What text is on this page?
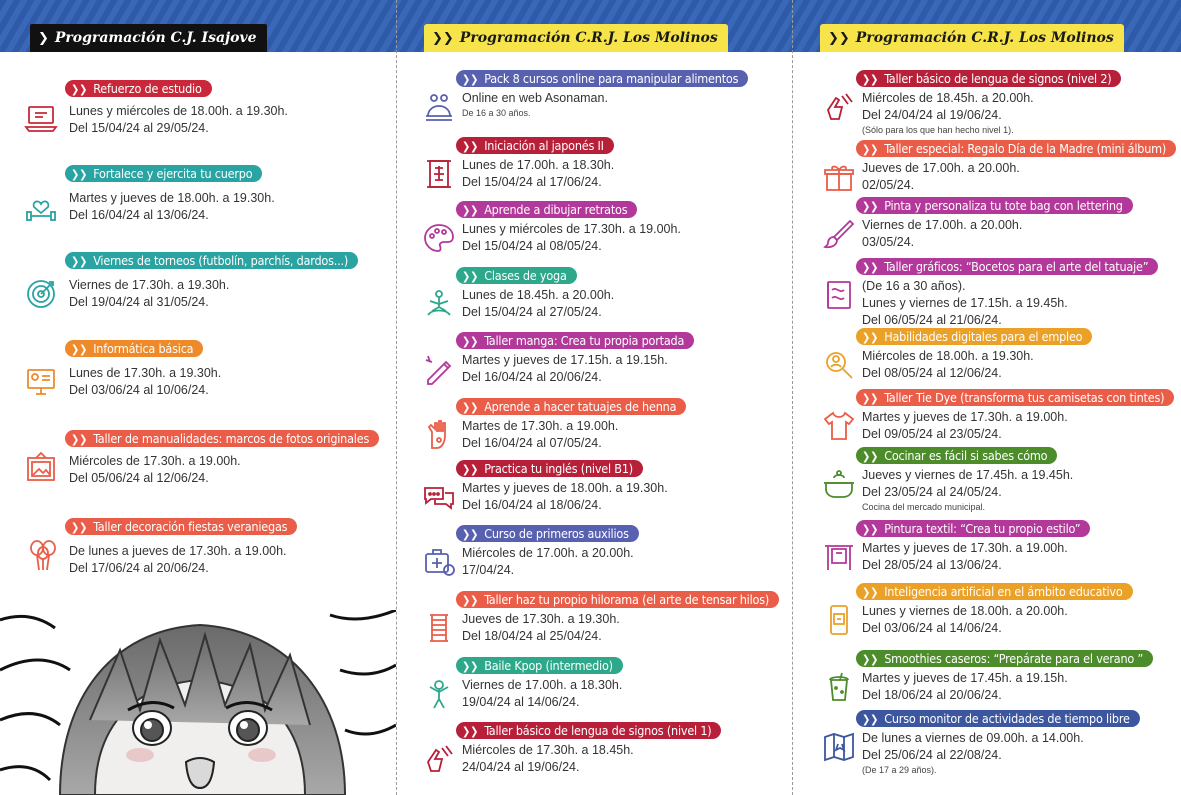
❯ Programación C.J. Isajove
❯❯ Refuerzo de estudio
Lunes y miércoles de 18.00h. a 19.30h.
Del 15/04/24 al 29/05/24.
❯❯ Fortalece y ejercita tu cuerpo
Martes y jueves de 18.00h. a 19.30h.
Del 16/04/24 al 13/06/24.
❯❯ Viernes de torneos (futbolín, parchís, dardos...)
Viernes de 17.30h. a 19.30h.
Del 19/04/24 al 31/05/24.
❯❯ Informática básica
Lunes de 17.30h. a 19.30h.
Del 03/06/24 al 10/06/24.
❯❯ Taller de manualidades: marcos de fotos originales
Miércoles de 17.30h. a 19.00h.
Del 05/06/24 al 12/06/24.
❯❯ Taller decoración fiestas veraniegas
De lunes a jueves de 17.30h. a 19.00h.
Del 17/06/24 al 20/06/24.
❯❯ Programación C.R.J. Los Molinos
❯❯ Pack 8 cursos online para manipular alimentos
Online en web Asonaman.
De 16 a 30 años.
❯❯ Iniciación al japonés II
Lunes de 17.00h. a 18.30h.
Del 15/04/24 al 17/06/24.
❯❯ Aprende a dibujar retratos
Lunes y miércoles de 17.30h. a 19.00h.
Del 15/04/24 al 08/05/24.
❯❯ Clases de yoga
Lunes de 18.45h. a 20.00h.
Del 15/04/24 al 27/05/24.
❯❯ Taller manga: Crea tu propia portada
Martes y jueves de 17.15h. a 19.15h.
Del 16/04/24 al 20/06/24.
❯❯ Aprende a hacer tatuajes de henna
Martes de 17.30h. a 19.00h.
Del 16/04/24 al 07/05/24.
❯❯ Practica tu inglés (nivel B1)
Martes y jueves de 18.00h. a 19.30h.
Del 16/04/24 al 18/06/24.
❯❯ Curso de primeros auxilios
Miércoles de 17.00h. a 20.00h.
17/04/24.
❯❯ Taller haz tu propio hilorama (el arte de tensar hilos)
Jueves de 17.30h. a 19.30h.
Del 18/04/24 al 25/04/24.
❯❯ Baile Kpop (intermedio)
Viernes de 17.00h. a 18.30h.
19/04/24 al 14/06/24.
❯❯ Taller básico de lengua de signos (nivel 1)
Miércoles de 17.30h. a 18.45h.
24/04/24 al 19/06/24.
❯❯ Programación C.R.J. Los Molinos
❯❯ Taller básico de lengua de signos (nivel 2)
Miércoles de 18.45h. a 20.00h.
Del 24/04/24 al 19/06/24.
(Sólo para los que han hecho nivel 1).
❯❯ Taller especial: Regalo Día de la Madre (mini álbum)
Jueves de 17.00h. a 20.00h.
02/05/24.
❯❯ Pinta y personaliza tu tote bag con lettering
Viernes de 17.00h. a 20.00h.
03/05/24.
❯❯ Taller gráficos: “Bocetos para el arte del tatuaje”
(De 16 a 30 años).
Lunes y viernes de 17.15h. a 19.45h.
Del 06/05/24 al 21/06/24.
❯❯ Habilidades digitales para el empleo
Miércoles de 18.00h. a 19.30h.
Del 08/05/24 al 12/06/24.
❯❯ Taller Tie Dye (transforma tus camisetas con tintes)
Martes y jueves de 17.30h. a 19.00h.
Del 09/05/24 al 23/05/24.
❯❯ Cocinar es fácil si sabes cómo
Jueves y viernes de 17.45h. a 19.45h.
Del 23/05/24 al 24/05/24.
Cocina del mercado municipal.
❯❯ Pintura textil: “Crea tu propio estilo”
Martes y jueves de 17.30h. a 19.00h.
Del 28/05/24 al 13/06/24.
❯❯ Inteligencia artificial en el ámbito educativo
Lunes y viernes de 18.00h. a 20.00h.
Del 03/06/24 al 14/06/24.
❯❯ Smoothies caseros: “Prepárate para el verano ”
Martes y jueves de 17.45h. a 19.15h.
Del 18/06/24 al 20/06/24.
❯❯ Curso monitor de actividades de tiempo libre
De lunes a viernes de 09.00h. a 14.00h.
Del 25/06/24 al 22/08/24.
(De 17 a 29 años).
